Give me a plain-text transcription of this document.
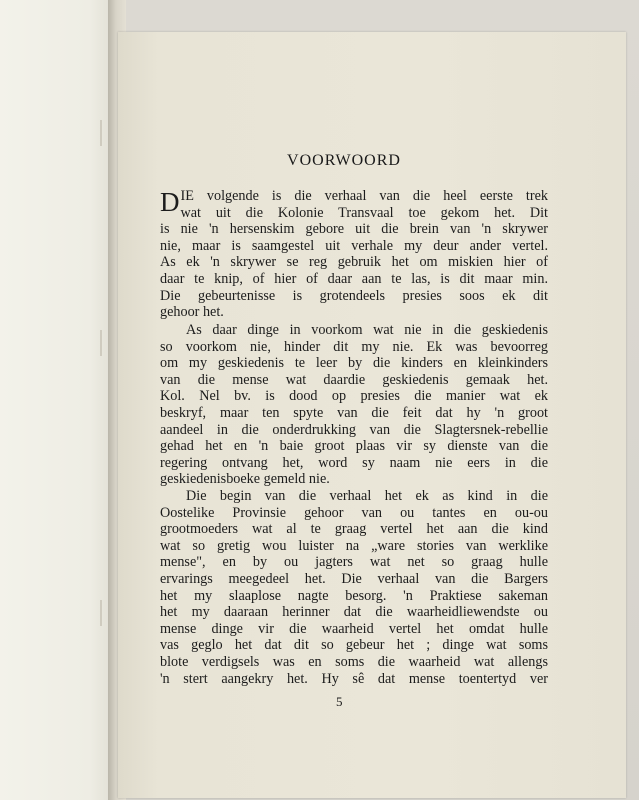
VOORWOORD
D IE volgende is die verhaal van die heel eerste trek
wat uit die Kolonie Transvaal toe gekom het. Dit
is nie 'n hersenskim gebore uit die brein van 'n skrywer
nie, maar is saamgestel uit verhale my deur ander vertel.
As ek 'n skrywer se reg gebruik het om miskien hier of
daar te knip, of hier of daar aan te las, is dit maar min.
Die gebeurtenisse is grotendeels presies soos ek dit
gehoor het.
As daar dinge in voorkom wat nie in die geskiedenis
so voorkom nie, hinder dit my nie. Ek was bevoorreg
om my geskiedenis te leer by die kinders en kleinkinders
van die mense wat daardie geskiedenis gemaak het.
Kol. Nel bv. is dood op presies die manier wat ek
beskryf, maar ten spyte van die feit dat hy 'n groot
aandeel in die onderdrukking van die Slagtersnek-rebellie
gehad het en 'n baie groot plaas vir sy dienste van die
regering ontvang het, word sy naam nie eers in die
geskiedenisboeke gemeld nie.
Die begin van die verhaal het ek as kind in die
Oostelike Provinsie gehoor van ou tantes en ou-ou
grootmoeders wat al te graag vertel het aan die kind
wat so gretig wou luister na „ware stories van werklike
mense", en by ou jagters wat net so graag hulle
ervarings meegedeel het. Die verhaal van die Bargers
het my slaaplose nagte besorg. 'n Praktiese sakeman
het my daaraan herinner dat die waarheidliewendste ou
mense dinge vir die waarheid vertel het omdat hulle
vas geglo het dat dit so gebeur het ; dinge wat soms
blote verdigsels was en soms die waarheid wat allengs
'n stert aangekry het. Hy sê dat mense toentertyd ver
5
